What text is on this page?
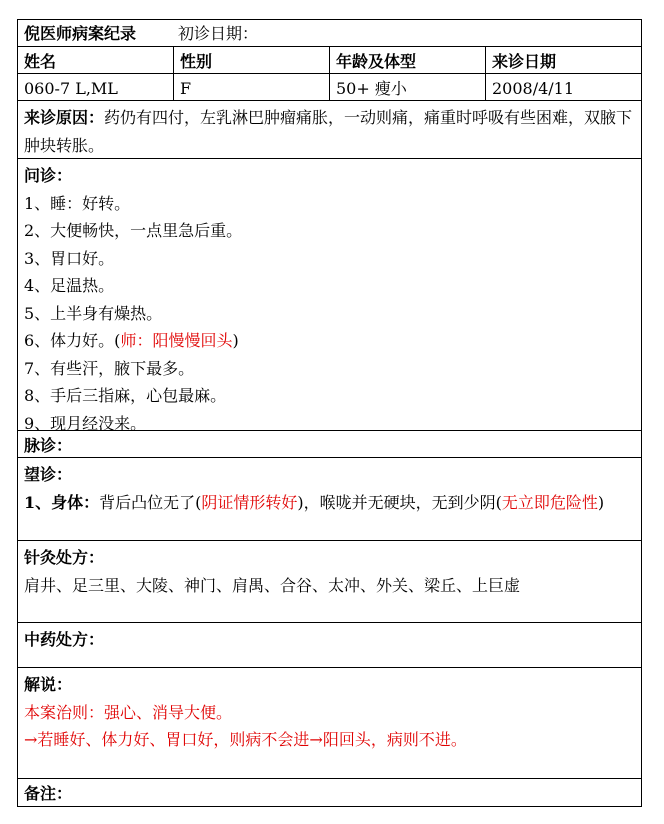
倪医师病案纪录	初诊日期：
姓名	性别	年龄及体型	来诊日期
060-7 L,ML	F	50+ 瘦小	2008/4/11
来诊原因：药仍有四付，左乳淋巴肿瘤痛胀，一动则痛，痛重时呼吸有些困难，双腋下肿块转胀。
问诊：
1、睡：好转。
2、大便畅快，一点里急后重。
3、胃口好。
4、足温热。
5、上半身有燥热。
6、体力好。(师：阳慢慢回头)
7、有些汗，腋下最多。
8、手后三指麻，心包最麻。
9、现月经没来。
脉诊：
望诊：
1、身体：背后凸位无了(阴证情形转好)，喉咙并无硬块，无到少阴(无立即危险性)
针灸处方：
肩井、足三里、大陵、神门、肩禺、合谷、太冲、外关、梁丘、上巨虚
中药处方：
解说：
本案治则：强心、消导大便。
→若睡好、体力好、胃口好，则病不会进→阳回头，病则不进。
备注：
